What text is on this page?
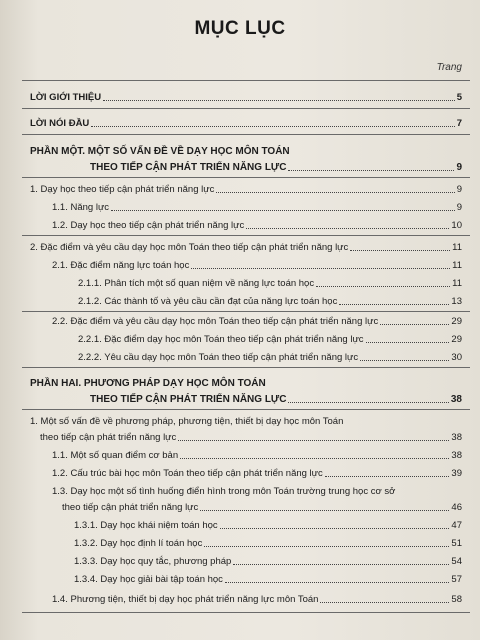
MỤC LỤC
Trang
LỜI GIỚI THIỆU	5
LỜI NÓI ĐẦU	7
PHẦN MỘT. MỘT SỐ VẤN ĐỀ VỀ DẠY HỌC MÔN TOÁN
THEO TIẾP CẬN PHÁT TRIỂN NĂNG LỰC	9
1. Dạy học theo tiếp cận phát triển năng lực	9
1.1. Năng lực	9
1.2. Dạy học theo tiếp cận phát triển năng lực	10
2. Đặc điểm và yêu cầu dạy học môn Toán theo tiếp cận phát triển năng lực	11
2.1. Đặc điểm năng lực toán học	11
2.1.1. Phân tích một số quan niệm về năng lực toán học	11
2.1.2. Các thành tố và yêu cầu cần đạt của năng lực toán học	13
2.2. Đặc điểm và yêu cầu dạy học môn Toán theo tiếp cận phát triển năng lực	29
2.2.1. Đặc điểm dạy học môn Toán theo tiếp cận phát triển năng lực	29
2.2.2. Yêu cầu dạy học môn Toán theo tiếp cận phát triển năng lực	30
PHẦN HAI. PHƯƠNG PHÁP DẠY HỌC MÔN TOÁN
THEO TIẾP CẬN PHÁT TRIỂN NĂNG LỰC	38
1. Một số vấn đề về phương pháp, phương tiện, thiết bị dạy học môn Toán
theo tiếp cận phát triển năng lực	38
1.1. Một số quan điểm cơ bản	38
1.2. Cấu trúc bài học môn Toán theo tiếp cận phát triển năng lực	39
1.3. Dạy học một số tình huống điển hình trong môn Toán trường trung học cơ sở
theo tiếp cận phát triển năng lực	46
1.3.1. Dạy học khái niệm toán học	47
1.3.2. Dạy học định lí toán học	51
1.3.3. Dạy học quy tắc, phương pháp	54
1.3.4. Dạy học giải bài tập toán học	57
1.4. Phương tiện, thiết bị dạy học phát triển năng lực môn Toán	58
